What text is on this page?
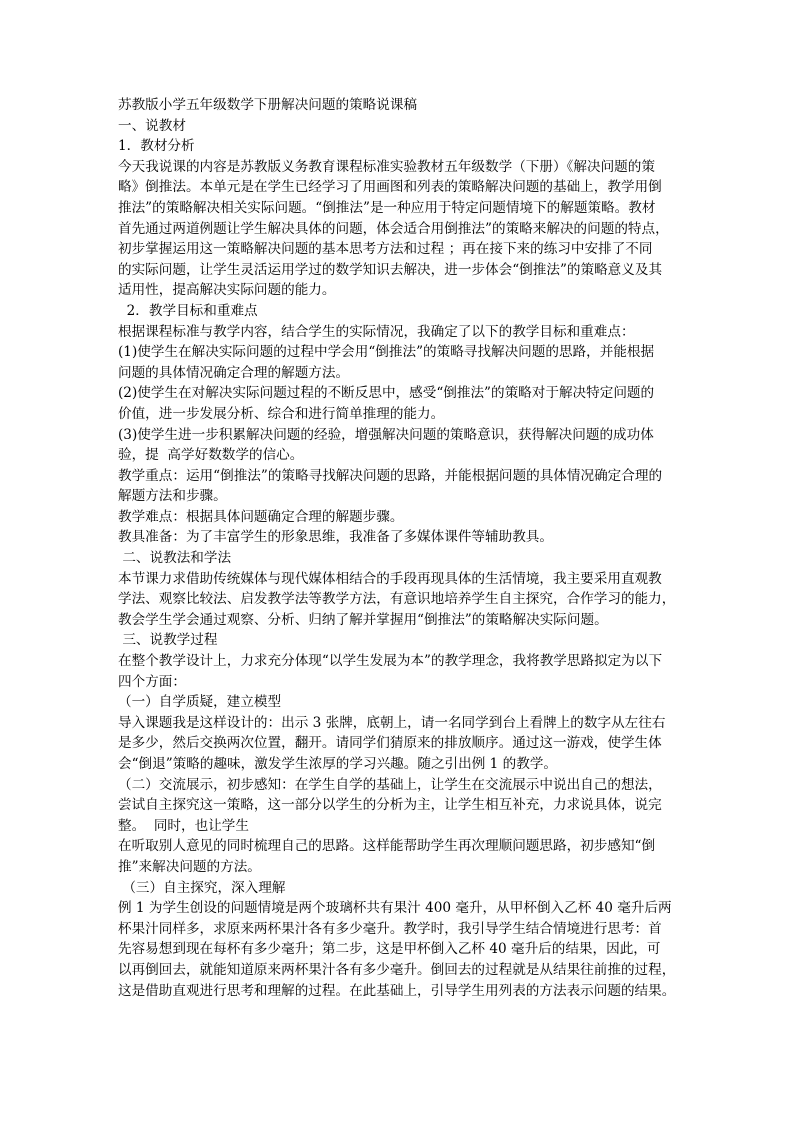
苏教版小学五年级数学下册解决问题的策略说课稿
一、说教材
1．教材分析
今天我说课的内容是苏教版义务教育课程标准实验教材五年级数学（下册）《解决问题的策
略》倒推法。本单元是在学生已经学习了用画图和列表的策略解决问题的基础上，教学用倒
推法”的策略解决相关实际问题。“倒推法”是一种应用于特定问题情境下的解题策略。教材
首先通过两道例题让学生解决具体的问题，体会适合用倒推法”的策略来解决的问题的特点，
初步掌握运用这一策略解决问题的基本思考方法和过程 ；再在接下来的练习中安排了不同
的实际问题，让学生灵活运用学过的数学知识去解决，进一步体会“倒推法”的策略意义及其
适用性，提高解决实际问题的能力。
2．教学目标和重难点
根据课程标准与教学内容，结合学生的实际情况，我确定了以下的教学目标和重难点：
(1)使学生在解决实际问题的过程中学会用“倒推法”的策略寻找解决问题的思路，并能根据
问题的具体情况确定合理的解题方法。
(2)使学生在对解决实际问题过程的不断反思中，感受“倒推法”的策略对于解决特定问题的
价值，进一步发展分析、综合和进行简单推理的能力。
(3)使学生进一步积累解决问题的经验，增强解决问题的策略意识，获得解决问题的成功体
验，提  高学好数数学的信心。
教学重点：运用“倒推法”的策略寻找解决问题的思路，并能根据问题的具体情况确定合理的
解题方法和步骤。
教学难点：根据具体问题确定合理的解题步骤。
教具准备：为了丰富学生的形象思维，我准备了多媒体课件等辅助教具。
二、说教法和学法
本节课力求借助传统媒体与现代媒体相结合的手段再现具体的生活情境，我主要采用直观教
学法、观察比较法、启发教学法等教学方法，有意识地培养学生自主探究，合作学习的能力，
教会学生学会通过观察、分析、归纳了解并掌握用“倒推法”的策略解决实际问题。
三、说教学过程
在整个教学设计上，力求充分体现“以学生发展为本”的教学理念，我将教学思路拟定为以下
四个方面：
（一）自学质疑，建立模型
导入课题我是这样设计的：出示 3 张牌，底朝上，请一名同学到台上看牌上的数字从左往右
是多少，然后交换两次位置，翻开。请同学们猜原来的排放顺序。通过这一游戏，使学生体
会“倒退”策略的趣味，激发学生浓厚的学习兴趣。随之引出例 1 的教学。
（二）交流展示，初步感知：在学生自学的基础上，让学生在交流展示中说出自己的想法，
尝试自主探究这一策略，这一部分以学生的分析为主，让学生相互补充，力求说具体，说完
整。  同时，也让学生
在听取别人意见的同时梳理自己的思路。这样能帮助学生再次理顺问题思路，初步感知“倒
推”来解决问题的方法。
（三）自主探究，深入理解
例 1 为学生创设的问题情境是两个玻璃杯共有果汁 400 毫升，从甲杯倒入乙杯 40 毫升后两
杯果汁同样多，求原来两杯果汁各有多少毫升。教学时，我引导学生结合情境进行思考：首
先容易想到现在每杯有多少毫升；第二步，这是甲杯倒入乙杯 40 毫升后的结果，因此，可
以再倒回去，就能知道原来两杯果汁各有多少毫升。倒回去的过程就是从结果往前推的过程，
这是借助直观进行思考和理解的过程。在此基础上，引导学生用列表的方法表示问题的结果。
